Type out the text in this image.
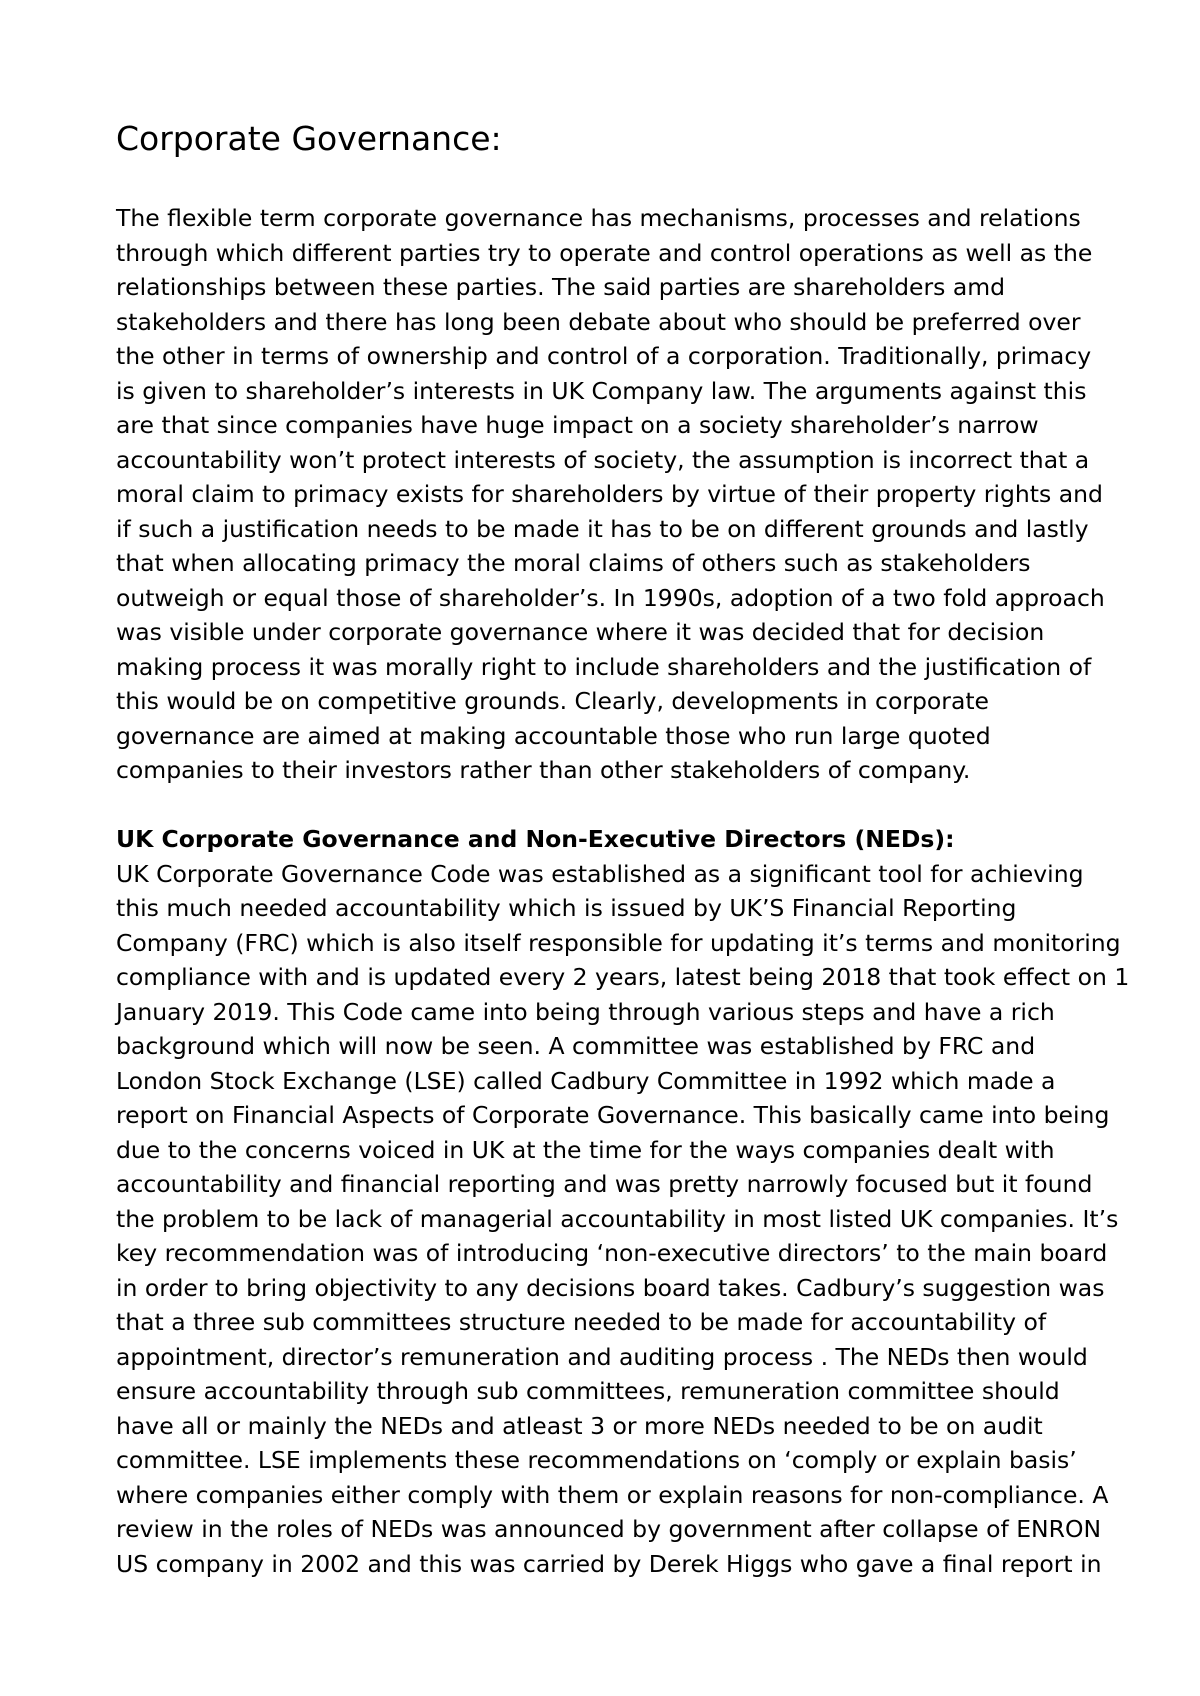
Corporate Governance:

The flexible term corporate governance has mechanisms, processes and relations
through which different parties try to operate and control operations as well as the
relationships between these parties. The said parties are shareholders amd
stakeholders and there has long been debate about who should be preferred over
the other in terms of ownership and control of a corporation. Traditionally, primacy
is given to shareholder’s interests in UK Company law. The arguments against this
are that since companies have huge impact on a society shareholder’s narrow
accountability won’t protect interests of society, the assumption is incorrect that a
moral claim to primacy exists for shareholders by virtue of their property rights and
if such a justification needs to be made it has to be on different grounds and lastly
that when allocating primacy the moral claims of others such as stakeholders
outweigh or equal those of shareholder’s. In 1990s, adoption of a two fold approach
was visible under corporate governance where it was decided that for decision
making process it was morally right to include shareholders and the justification of
this would be on competitive grounds. Clearly, developments in corporate
governance are aimed at making accountable those who run large quoted
companies to their investors rather than other stakeholders of company.

UK Corporate Governance and Non-Executive Directors (NEDs):
UK Corporate Governance Code was established as a significant tool for achieving
this much needed accountability which is issued by UK’S Financial Reporting
Company (FRC) which is also itself responsible for updating it’s terms and monitoring
compliance with and is updated every 2 years, latest being 2018 that took effect on 1
January 2019. This Code came into being through various steps and have a rich
background which will now be seen. A committee was established by FRC and
London Stock Exchange (LSE) called Cadbury Committee in 1992 which made a
report on Financial Aspects of Corporate Governance. This basically came into being
due to the concerns voiced in UK at the time for the ways companies dealt with
accountability and financial reporting and was pretty narrowly focused but it found
the problem to be lack of managerial accountability in most listed UK companies. It’s
key recommendation was of introducing ‘non-executive directors’ to the main board
in order to bring objectivity to any decisions board takes. Cadbury’s suggestion was
that a three sub committees structure needed to be made for accountability of
appointment, director’s remuneration and auditing process . The NEDs then would
ensure accountability through sub committees, remuneration committee should
have all or mainly the NEDs and atleast 3 or more NEDs needed to be on audit
committee. LSE implements these recommendations on ‘comply or explain basis’
where companies either comply with them or explain reasons for non-compliance. A
review in the roles of NEDs was announced by government after collapse of ENRON
US company in 2002 and this was carried by Derek Higgs who gave a final report in
